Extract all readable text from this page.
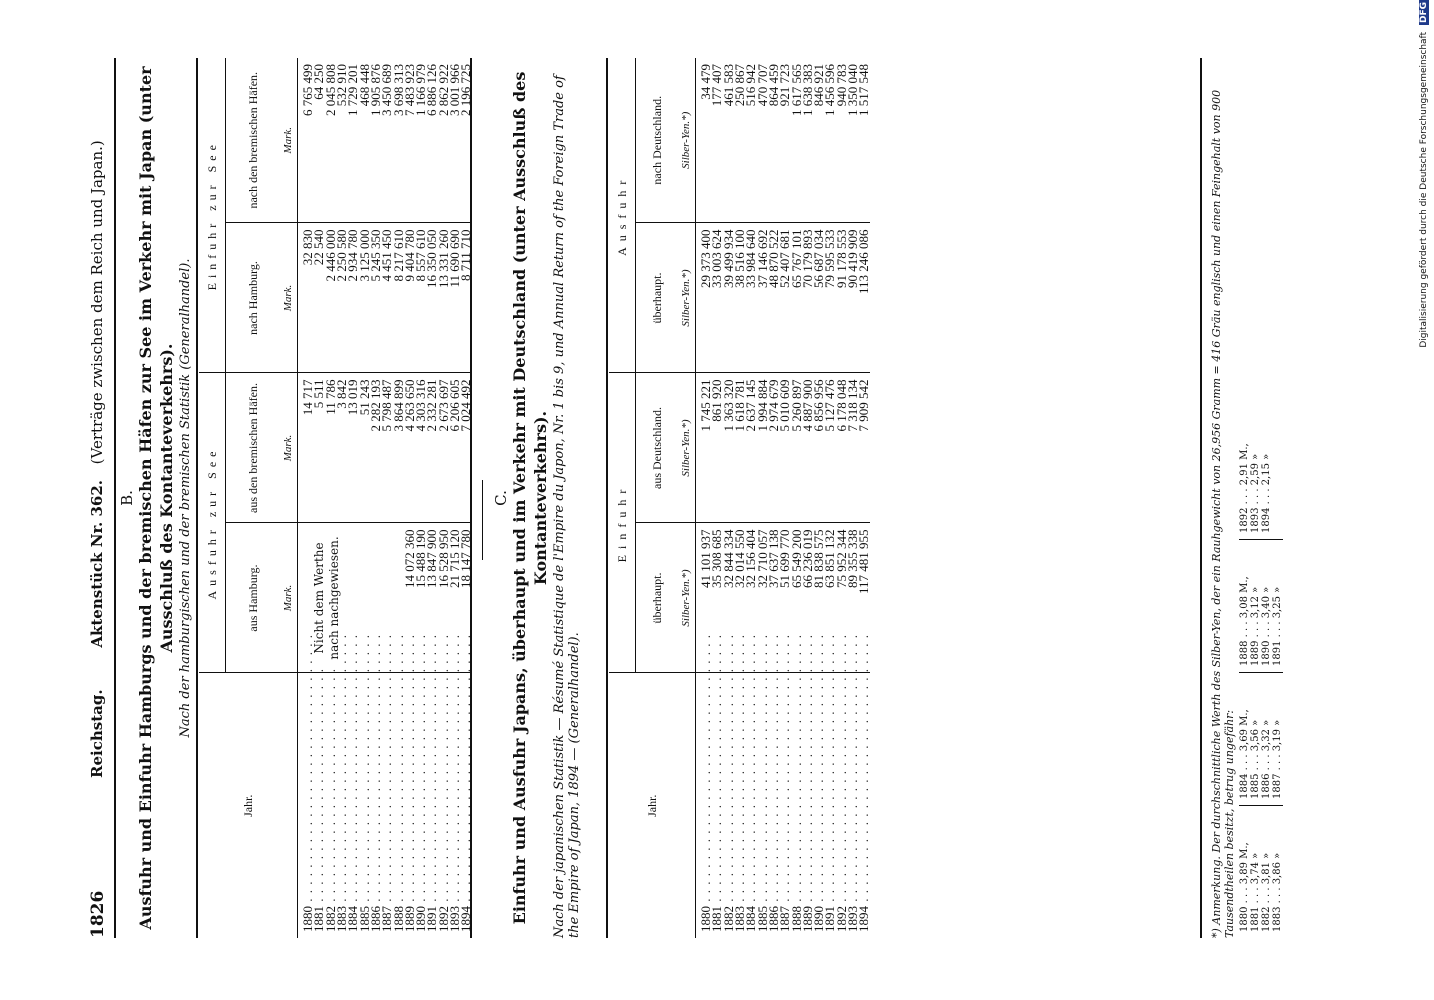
1826
Reichstag.        Aktenstück Nr. 362.   (Verträge zwischen dem Reich und Japan.)
B. Ausfuhr und Einfuhr Hamburgs und der bremischen Häfen zur See im Verkehr mit Japan (unter Ausschluß des Kontanteverkehrs). Nach der hamburgischen und der bremischen Statistik (Generalhandel).
Jahr.	Ausfuhr zur See		Einfuhr zur See	
	aus Hamburg.	aus den bremischen Häfen.	nach Hamburg.	nach den bremischen Häfen.
	Mark.	Mark.	Mark.	Mark.
1880 . . .		14 717	32 830	6 765 499
1881 . . .		5 511	22 540	64 250
1882 . . .		11 786	2 446 000	2 045 808
1883 . . .		3 842	2 250 580	532 910
1884 . . .		13 019	2 934 780	1 729 201
1885 . . .		51 243	3 125 000	468 448
1886 . . .		2 282 193	5 245 350	1 905 876
1887 . . .		5 798 487	4 451 450	3 450 689
1888 . . .		3 864 899	8 217 610	3 698 313
1889 . . .	14 072 360	4 263 650	9 404 780	7 483 923
1890 . . .	15 488 190	4 303 316	8 557 610	1 166 979
1891 . . .	13 847 900	2 332 281	16 350 050	6 886 126
1892 . . .	16 528 950	2 673 697	13 331 260	2 862 922
1893 . . .	21 715 120	6 206 605	11 690 690	3 001 966
1894 . . .	18 147 780	7 024 492	8 711 710	2 196 725
Nicht dem Werthe nach nachgewiesen.
C. Einfuhr und Ausfuhr Japans, überhaupt und im Verkehr mit Deutschland (unter Ausschluß des Kontanteverkehrs). Nach der japanischen Statistik — Résumé Statistique de l'Empire du Japon, Nr. 1 bis 9, und Annual Return of the Foreign Trade of the Empire of Japan, 1894 — (Generalhandel).	Jahr.	Einfuhr		Ausfuhr	
	überhaupt.	aus Deutschland.	überhaupt.	nach Deutschland.
	Silber-Yen.*)	Silber-Yen.*)	Silber-Yen.*)	Silber-Yen.*)
1880 . . .	41 101 937	1 745 221	29 373 400	34 479
1881 . . .	35 308 685	861 920	33 003 624	177 407
1882 . . .	32 844 334	1 363 320	39 499 934	461 583
1883 . . .	32 014 550	1 618 781	38 516 100	250 867
1884 . . .	32 156 404	2 637 145	33 984 640	516 942
1885 . . .	32 710 057	1 994 884	37 146 692	470 707
1886 . . .	37 637 138	2 974 679	48 870 522	864 459
1887 . . .	51 699 770	5 010 609	52 407 681	921 723
1888 . . .	65 549 200	5 260 897	65 767 101	1 617 565
1889 . . .	66 236 019	4 887 900	70 179 893	1 638 383
1890 . . .	81 838 575	6 856 956	56 687 034	846 921
1891 . . .	63 851 132	5 127 476	79 595 533	1 456 596
1892 . . .	75 952 344	6 178 048	91 178 553	940 783
1893 . . .	89 355 338	7 318 134	90 419 909	1 350 040
1894 . . .	117 481 955	7 909 542	113 246 086	1 517 548	*) Anmerkung. Der durchschnittliche Werth des Silber-Yen, der ein Rauhgewicht von 26,956 Gramm = 416 Gräu englisch und einen Feingehalt von 900 Tausendtheilen besitzt, betrug ungefähr: 1880 . . . 3,89 M., 1881 . . . 3,74 » 1882 . . . 3,81 » 1883 . . . 3,86 »
1884 . . . 3,69 M., 1885 . . . 3,56 » 1886 . . . 3,32 » 1887 . . . 3,19 »
1888 . . . 3,08 M., 1889 . . . 3,12 » 1890 . . . 3,40 » 1891 . . . 3,25 »
1892 . . . 2,91 M., 1893 . . . 2,59 » 1894 . . . 2,15 »
Digitalisierung gefördert durch die Deutsche Forschungsgemeinschaft DFG
